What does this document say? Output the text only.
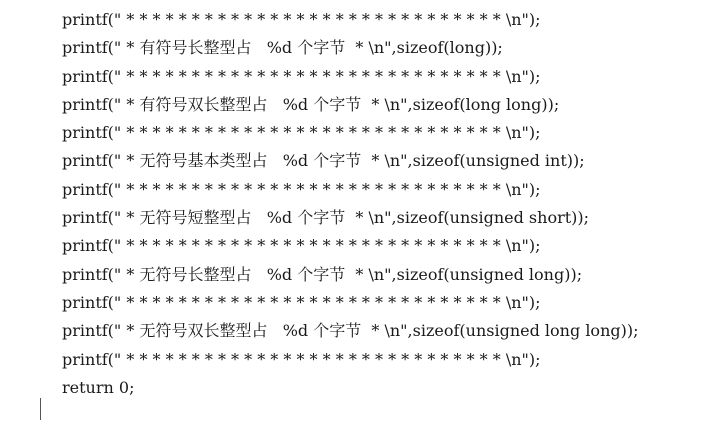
printf(" * * * * * * * * * * * * * * * * * * * * * * * * * * * * * \n");
printf(" * 有符号长整型占   %d 个字节  * \n",sizeof(long));
printf(" * * * * * * * * * * * * * * * * * * * * * * * * * * * * * \n");
printf(" * 有符号双长整型占   %d 个字节  * \n",sizeof(long long));
printf(" * * * * * * * * * * * * * * * * * * * * * * * * * * * * * \n");
printf(" * 无符号基本类型占   %d 个字节  * \n",sizeof(unsigned int));
printf(" * * * * * * * * * * * * * * * * * * * * * * * * * * * * * \n");
printf(" * 无符号短整型占   %d 个字节  * \n",sizeof(unsigned short));
printf(" * * * * * * * * * * * * * * * * * * * * * * * * * * * * * \n");
printf(" * 无符号长整型占   %d 个字节  * \n",sizeof(unsigned long));
printf(" * * * * * * * * * * * * * * * * * * * * * * * * * * * * * \n");
printf(" * 无符号双长整型占   %d 个字节  * \n",sizeof(unsigned long long));
printf(" * * * * * * * * * * * * * * * * * * * * * * * * * * * * * \n");
return 0;
